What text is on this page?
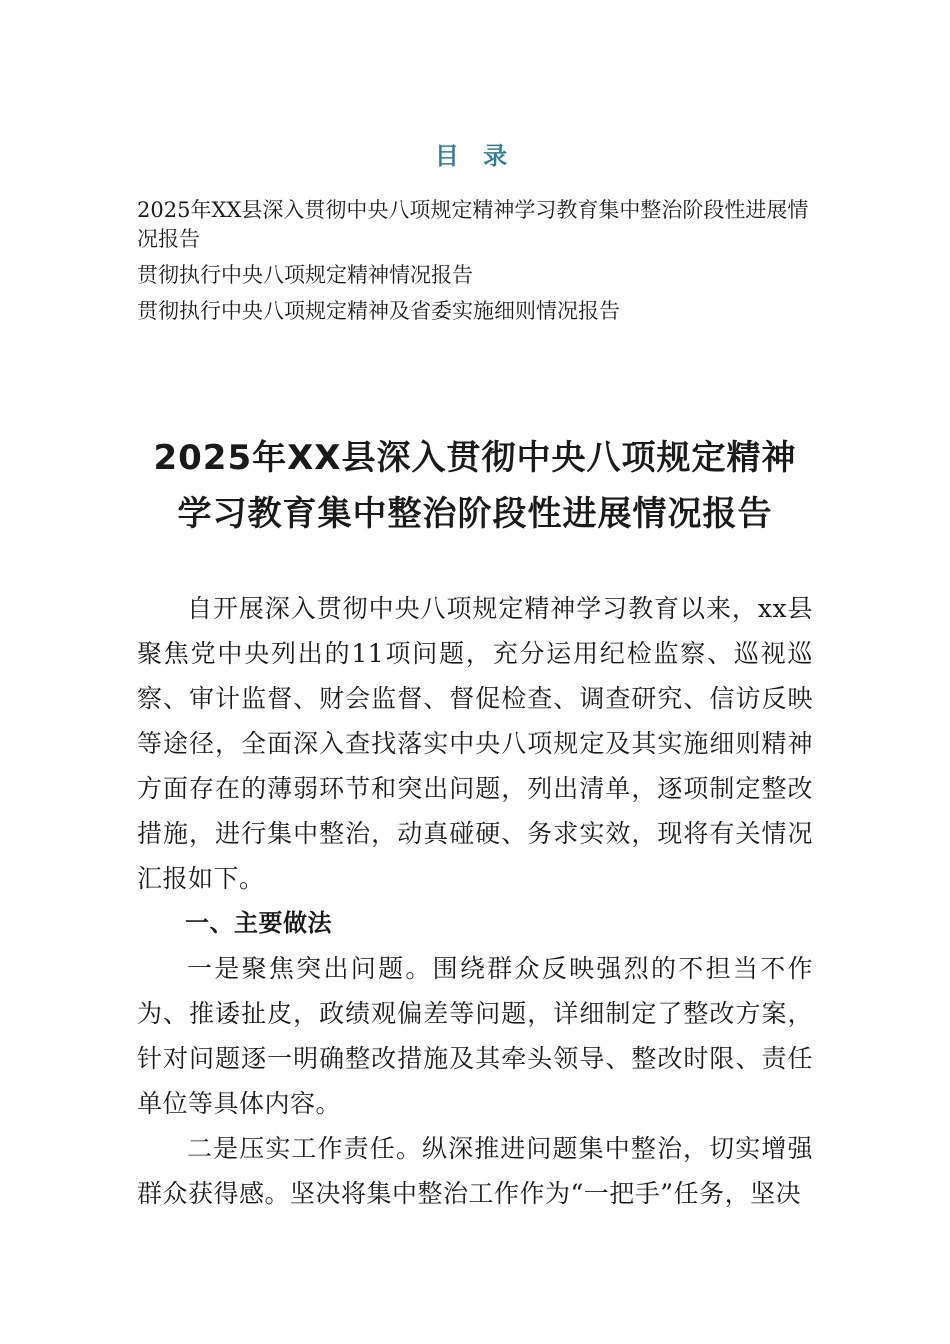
目 录
2025年XX县深入贯彻中央八项规定精神学习教育集中整治阶段性进展情况报告
贯彻执行中央八项规定精神情况报告
贯彻执行中央八项规定精神及省委实施细则情况报告
2025年XX县深入贯彻中央八项规定精神
学习教育集中整治阶段性进展情况报告

自开展深入贯彻中央八项规定精神学习教育以来，xx县聚焦党中央列出的11项问题，充分运用纪检监察、巡视巡察、审计监督、财会监督、督促检查、调查研究、信访反映等途径，全面深入查找落实中央八项规定及其实施细则精神方面存在的薄弱环节和突出问题，列出清单，逐项制定整改措施，进行集中整治，动真碰硬、务求实效，现将有关情况汇报如下。

一、主要做法

一是聚焦突出问题。围绕群众反映强烈的不担当不作为、推诿扯皮，政绩观偏差等问题，详细制定了整改方案，针对问题逐一明确整改措施及其牵头领导、整改时限、责任单位等具体内容。

二是压实工作责任。纵深推进问题集中整治，切实增强群众获得感。坚决将集中整治工作作为“一把手”任务，坚决
